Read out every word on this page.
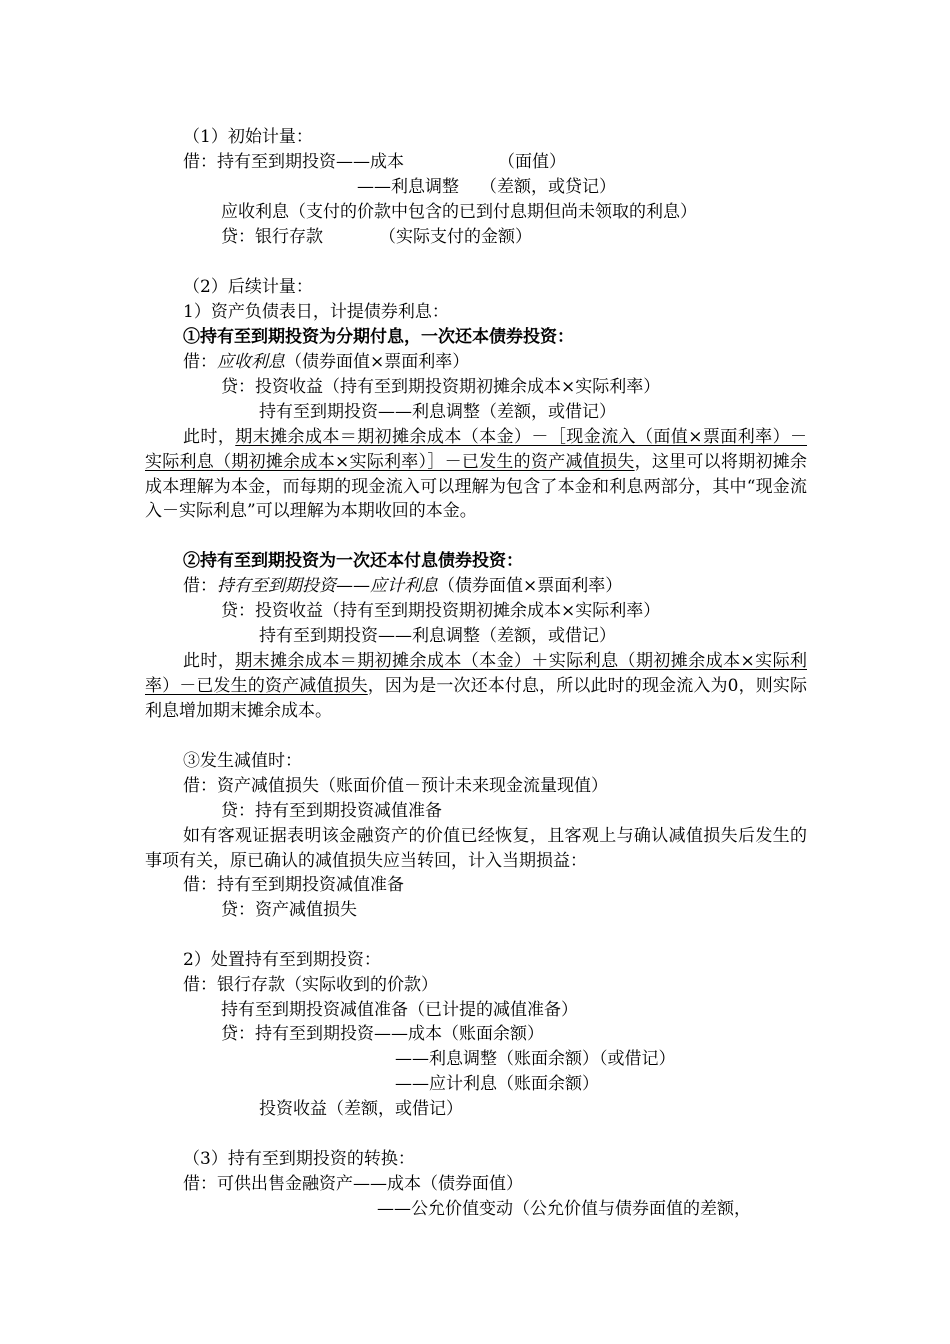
（1）初始计量：
借：持有至到期投资——成本	（面值）
——利息调整 （差额，或贷记）
应收利息（支付的价款中包含的已到付息期但尚未领取的利息）
贷：银行存款	（实际支付的金额）
（2）后续计量：
1）资产负债表日，计提债券利息：
①持有至到期投资为分期付息，一次还本债券投资：
借：应收利息（债券面值×票面利率）
贷：投资收益（持有至到期投资期初摊余成本×实际利率）
持有至到期投资——利息调整（差额，或借记）
此时，期末摊余成本＝期初摊余成本（本金）－［现金流入（面值×票面利率）－实际利息（期初摊余成本×实际利率）］－已发生的资产减值损失，这里可以将期初摊余成本理解为本金，而每期的现金流入可以理解为包含了本金和利息两部分，其中“现金流入－实际利息”可以理解为本期收回的本金。
②持有至到期投资为一次还本付息债券投资：
借：持有至到期投资——应计利息（债券面值×票面利率）
贷：投资收益（持有至到期投资期初摊余成本×实际利率）
持有至到期投资——利息调整（差额，或借记）
此时，期末摊余成本＝期初摊余成本（本金）＋实际利息（期初摊余成本×实际利率）－已发生的资产减值损失，因为是一次还本付息，所以此时的现金流入为0，则实际利息增加期末摊余成本。
③发生减值时：
借：资产减值损失（账面价值－预计未来现金流量现值）
贷：持有至到期投资减值准备
如有客观证据表明该金融资产的价值已经恢复，且客观上与确认减值损失后发生的事项有关，原已确认的减值损失应当转回，计入当期损益：
借：持有至到期投资减值准备
贷：资产减值损失
2）处置持有至到期投资：
借：银行存款（实际收到的价款）
持有至到期投资减值准备（已计提的减值准备）
贷：持有至到期投资——成本（账面余额）
——利息调整（账面余额）（或借记）
——应计利息（账面余额）
投资收益（差额，或借记）
（3）持有至到期投资的转换：
借：可供出售金融资产——成本（债券面值）
——公允价值变动（公允价值与债券面值的差额，
